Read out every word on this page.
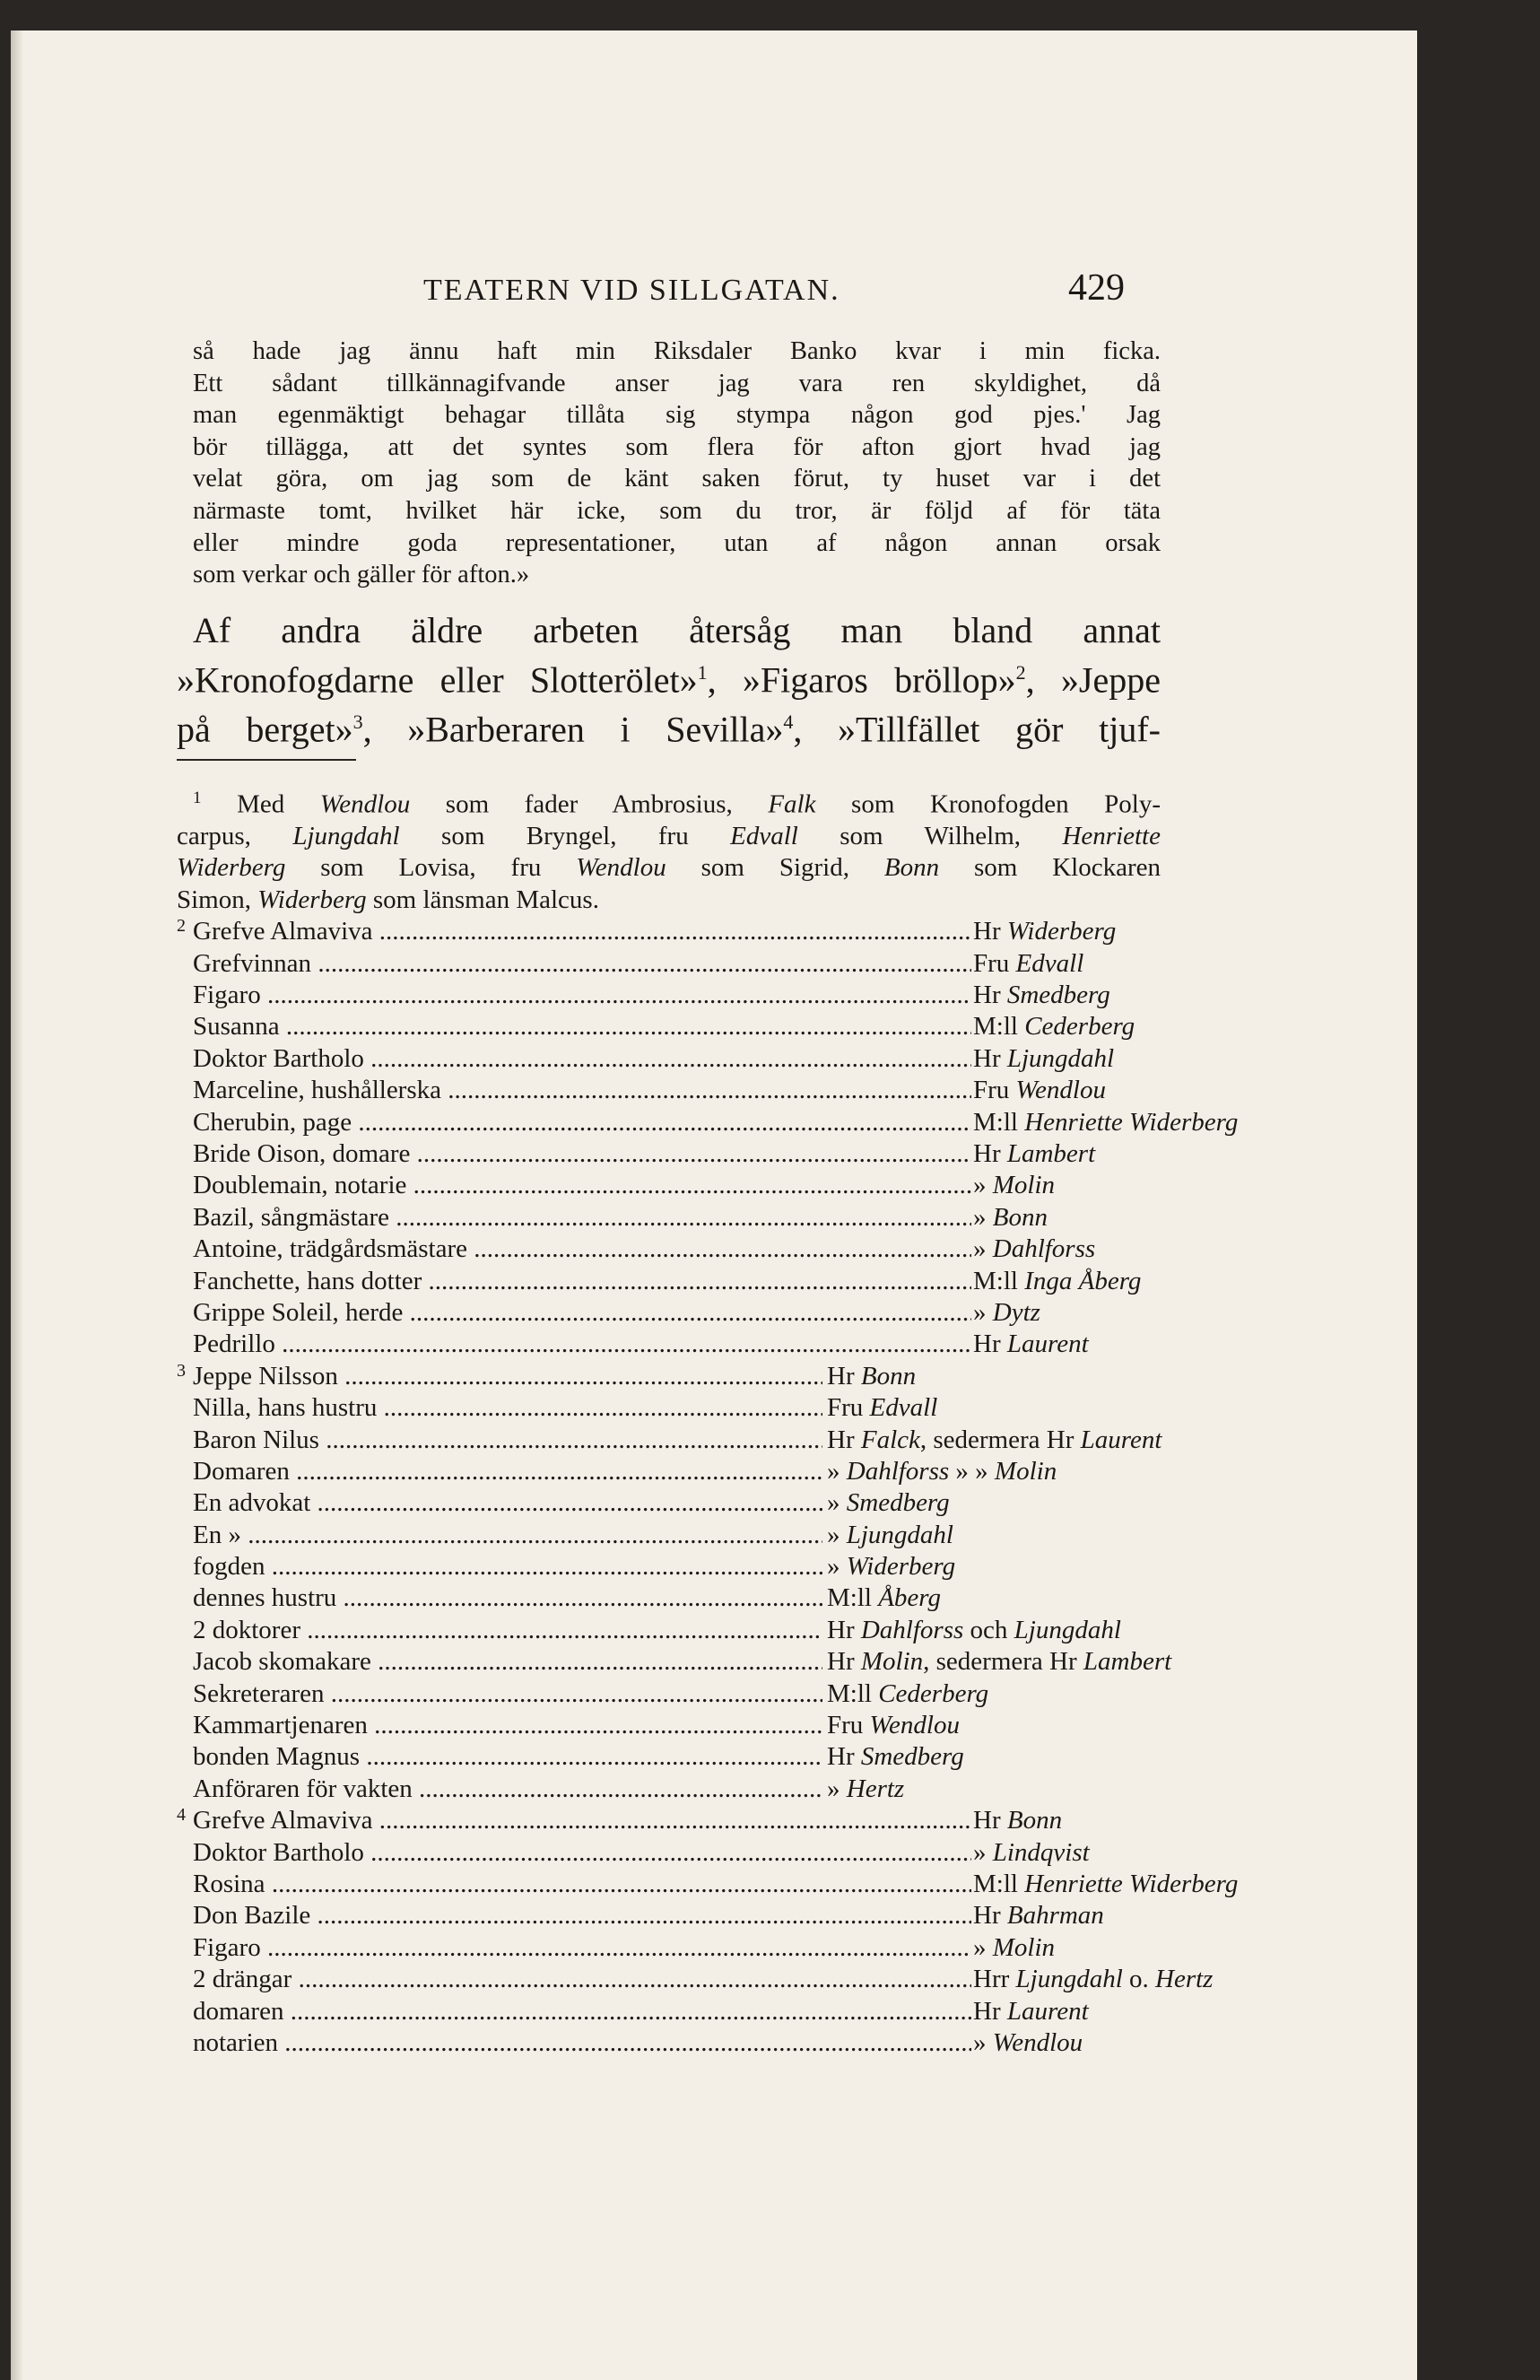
TEATERN VID SILLGATAN.	429
så hade jag ännu haft min Riksdaler Banko kvar i min ficka.
Ett sådant tillkännagifvande anser jag vara ren skyldighet, då
man egenmäktigt behagar tillåta sig stympa någon god pjes.' Jag
bör tillägga, att det syntes som flera för afton gjort hvad jag
velat göra, om jag som de känt saken förut, ty huset var i det
närmaste tomt, hvilket här icke, som du tror, är följd af för täta
eller mindre goda representationer, utan af någon annan orsak
som verkar och gäller för afton.»
Af andra äldre arbeten återsåg man bland annat
»Kronofogdarne eller Slotterölet»$^1$, »Figaros bröllop»$^2$, »Jeppe
på berget»$^3$, »Barberaren i Sevilla»$^4$, »Tillfället gör tjuf-
$^1$ Med Wendlou som fader Ambrosius, Falk som Kronofogden Poly-
carpus, Ljungdahl som Bryngel, fru Edvall som Wilhelm, Henriette
Widerberg som Lovisa, fru Wendlou som Sigrid, Bonn som Klockaren
Simon, Widerberg som länsman Malcus.
2 Grefve Almaviva .....	Hr Widerberg
Grefvinnan .....	Fru Edvall
Figaro .....	Hr Smedberg
Susanna .....	M:ll Cederberg
Doktor Bartholo .....	Hr Ljungdahl
Marceline, hushållerska .....	Fru Wendlou
Cherubin, page .....	M:ll Henriette Widerberg
Bride Oison, domare .....	Hr Lambert
Doublemain, notarie .....	» Molin
Bazil, sångmästare .....	» Bonn
Antoine, trädgårdsmästare .....	» Dahlforss
Fanchette, hans dotter .....	M:ll Inga Åberg
Grippe Soleil, herde .....	» Dytz
Pedrillo .....	Hr Laurent
3 Jeppe Nilsson .....	Hr Bonn
Nilla, hans hustru .....	Fru Edvall
Baron Nilus .....	Hr Falck, sedermera Hr Laurent
Domaren .....	» Dahlforss » » Molin
En advokat .....	» Smedberg
En » .....	» Ljungdahl
fogden .....	» Widerberg
dennes hustru .....	M:ll Åberg
2 doktorer .....	Hr Dahlforss och Ljungdahl
Jacob skomakare .....	Hr Molin, sedermera Hr Lambert
Sekreteraren .....	M:ll Cederberg
Kammartjenaren .....	Fru Wendlou
bonden Magnus .....	Hr Smedberg
Anföraren för vakten .....	» Hertz
4 Grefve Almaviva .....	Hr Bonn
Doktor Bartholo .....	» Lindqvist
Rosina .....	M:ll Henriette Widerberg
Don Bazile .....	Hr Bahrman
Figaro .....	» Molin
2 drängar .....	Hrr Ljungdahl o. Hertz
domaren .....	Hr Laurent
notarien .....	» Wendlou
